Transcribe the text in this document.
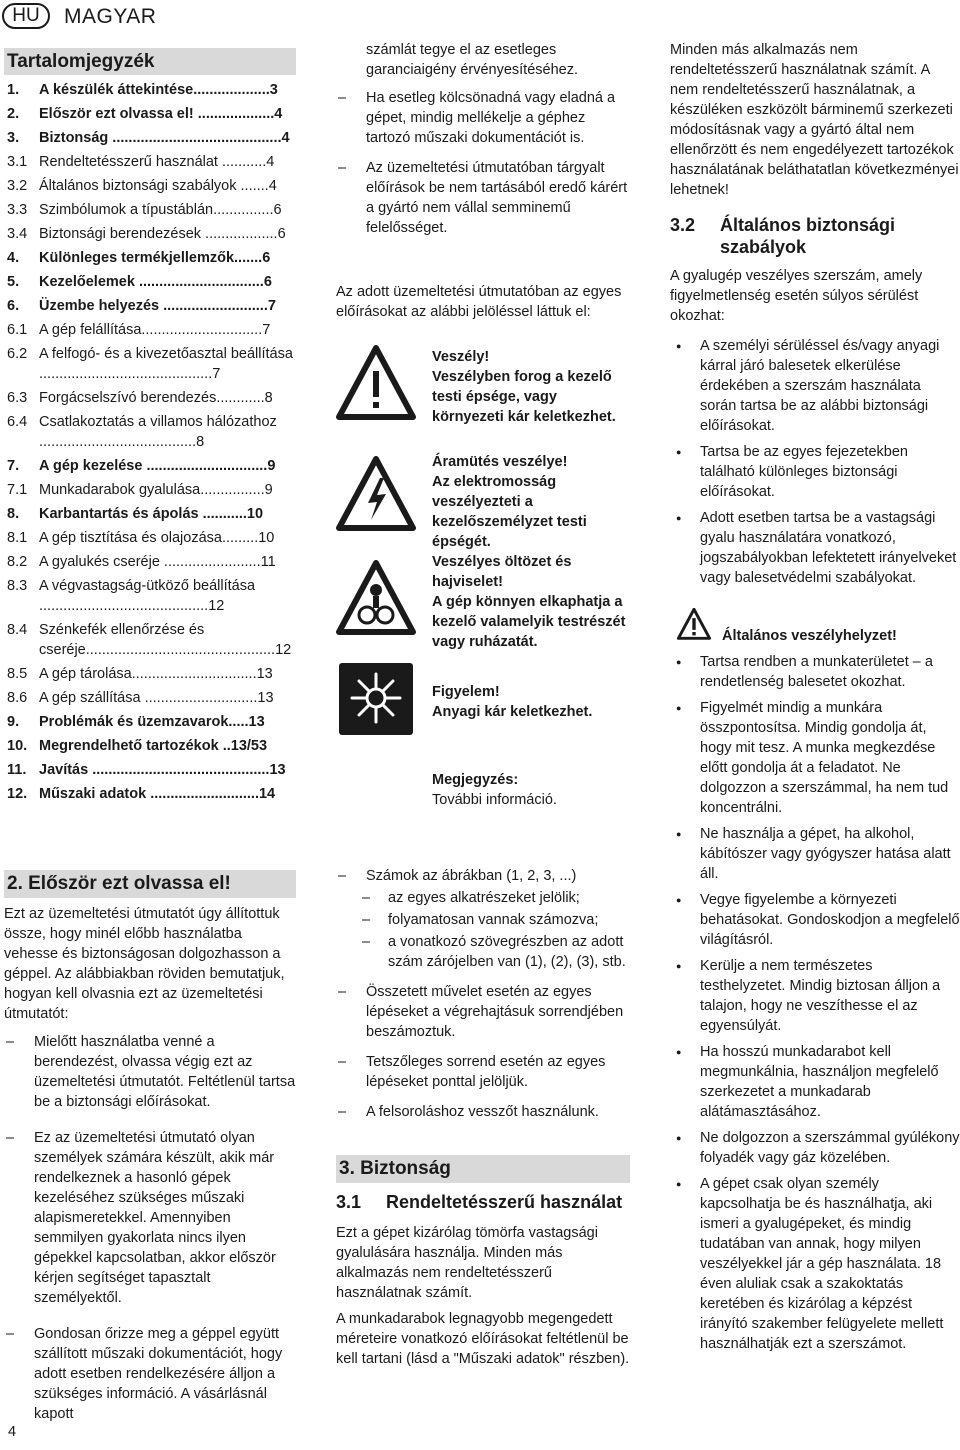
HU	MAGYAR
Tartalomjegyzék
1. A készülék áttekintése...................3
2. Először ezt olvassa el! ...................4
3. Biztonság ..........................................4
3.1 Rendeltetésszerű használat ...........4
3.2 Általános biztonsági szabályok .......4
3.3 Szimbólumok a típustáblán...............6
3.4 Biztonsági berendezések ..................6
4. Különleges termékjellemzők.......6
5. Kezelőelemek ...............................6
6. Üzembe helyezés ..........................7
6.1 A gép felállítása..............................7
6.2 A felfogó- és a kivezetőasztal beállítása ...........................................7
6.3 Forgácselszívó berendezés............8
6.4 Csatlakoztatás a villamos hálózathoz .......................................8
7. A gép kezelése ..............................9
7.1 Munkadarabok gyalulása................9
8. Karbantartás és ápolás ...........10
8.1 A gép tisztítása és olajozása.........10
8.2 A gyalukés cseréje ........................11
8.3 A végvastagság-ütköző beállítása ..........................................12
8.4 Szénkefék ellenőrzése és cseréje...............................................12
8.5 A gép tárolása...............................13
8.6 A gép szállítása ............................13
9. Problémák és üzemzavarok.....13
10. Megrendelhető tartozékok ..13/53
11. Javítás ............................................13
12. Műszaki adatok ...........................14
2. Először ezt olvassa el!

Ezt az üzemeltetési útmutatót úgy állítottuk össze, hogy minél előbb használatba vehesse és biztonságosan dolgozhasson a géppel. Az alábbiakban röviden bemutatjuk, hogyan kell olvasnia ezt az üzemeltetési útmutatót:

– Mielőtt használatba venné a berendezést, olvassa végig ezt az üzemeltetési útmutatót. Feltétlenül tartsa be a biztonsági előírásokat.

– Ez az üzemeltetési útmutató olyan személyek számára készült, akik már rendelkeznek a hasonló gépek kezeléséhez szükséges műszaki alapismeretekkel. Amennyiben semmilyen gyakorlata nincs ilyen gépekkel kapcsolatban, akkor először kérjen segítséget tapasztalt személyektől.

– Gondosan őrizze meg a géppel együtt szállított műszaki dokumentációt, hogy adott esetben rendelkezésére álljon a szükséges információ. A vásárlásnál kapott

4

számlát tegye el az esetleges garanciaigény érvényesítéséhez.

– Ha esetleg kölcsönadná vagy eladná a gépet, mindig mellékelje a géphez tartozó műszaki dokumentációt is.

– Az üzemeltetési útmutatóban tárgyalt előírások be nem tartásából eredő kárért a gyártó nem vállal semminemű felelősséget.

Az adott üzemeltetési útmutatóban az egyes előírásokat az alábbi jelöléssel láttuk el:

Veszély!

Veszélyben forog a kezelő testi épsége, vagy környezeti kár keletkezhet.

Áramütés veszélye!

Az elektromosság veszélyezteti a kezelőszemélyzet testi épségét.

Veszélyes öltözet és hajviselet!

A gép könnyen elkaphatja a kezelő valamelyik testrészét vagy ruházatát.

Figyelem!

Anyagi kár keletkezhet.

Megjegyzés:

További információ.

– Számok az ábrákban (1, 2, 3, ...)

– az egyes alkatrészeket jelölik;

– folyamatosan vannak számozva;

– a vonatkozó szövegrészben az adott szám zárójelben van (1), (2), (3), stb.

– Összetett művelet esetén az egyes lépéseket a végrehajtásuk sorrendjében beszámoztuk.

– Tetszőleges sorrend esetén az egyes lépéseket ponttal jelöljük.

– A felsoroláshoz vesszőt használunk.

3. Biztonság
3.1 Rendeltetésszerű használat

Ezt a gépet kizárólag tömörfa vastagsági gyalulására használja. Minden más alkalmazás nem rendeltetésszerű használatnak számít.

A munkadarabok legnagyobb megengedett méreteire vonatkozó előírásokat feltétlenül be kell tartani (lásd a "Műszaki adatok" részben).

Minden más alkalmazás nem rendeltetésszerű használatnak számít. A nem rendeltetésszerű használatnak, a készüléken eszközölt bárminemű szerkezeti módosításnak vagy a gyártó által nem ellenőrzött és nem engedélyezett tartozékok használatának beláthatatlan következményei lehetnek!

3.2 Általános biztonsági szabályok

A gyalugép veszélyes szerszám, amely figyelmetlenség esetén súlyos sérülést okozhat:

● A személyi sérüléssel és/vagy anyagi kárral járó balesetek elkerülése érdekében a szerszám használata során tartsa be az alábbi biztonsági előírásokat.

● Tartsa be az egyes fejezetekben található különleges biztonsági előírásokat.

● Adott esetben tartsa be a vastagsági gyalu használatára vonatkozó, jogszabályokban lefektetett irányelveket vagy balesetvédelmi szabályokat.

Általános veszélyhelyzet!

● Tartsa rendben a munkaterületet – a rendetlenség balesetet okozhat.

● Figyelmét mindig a munkára összpontosítsa. Mindig gondolja át, hogy mit tesz. A munka megkezdése előtt gondolja át a feladatot. Ne dolgozzon a szerszámmal, ha nem tud koncentrálni.

● Ne használja a gépet, ha alkohol, kábítószer vagy gyógyszer hatása alatt áll.

● Vegye figyelembe a környezeti behatásokat. Gondoskodjon a megfelelő világításról.

● Kerülje a nem természetes testhelyzetet. Mindig biztosan álljon a talajon, hogy ne veszíthesse el az egyensúlyát.

● Ha hosszú munkadarabot kell megmunkálnia, használjon megfelelő szerkezetet a munkadarab alátámasztásához.

● Ne dolgozzon a szerszámmal gyúlékony folyadék vagy gáz közelében.

● A gépet csak olyan személy kapcsolhatja be és használhatja, aki ismeri a gyalugépeket, és mindig tudatában van annak, hogy milyen veszélyekkel jár a gép használata. 18 éven aluliak csak a szakoktatás keretében és kizárólag a képzést irányító szakember felügyelete mellett használhatják ezt a szerszámot.
